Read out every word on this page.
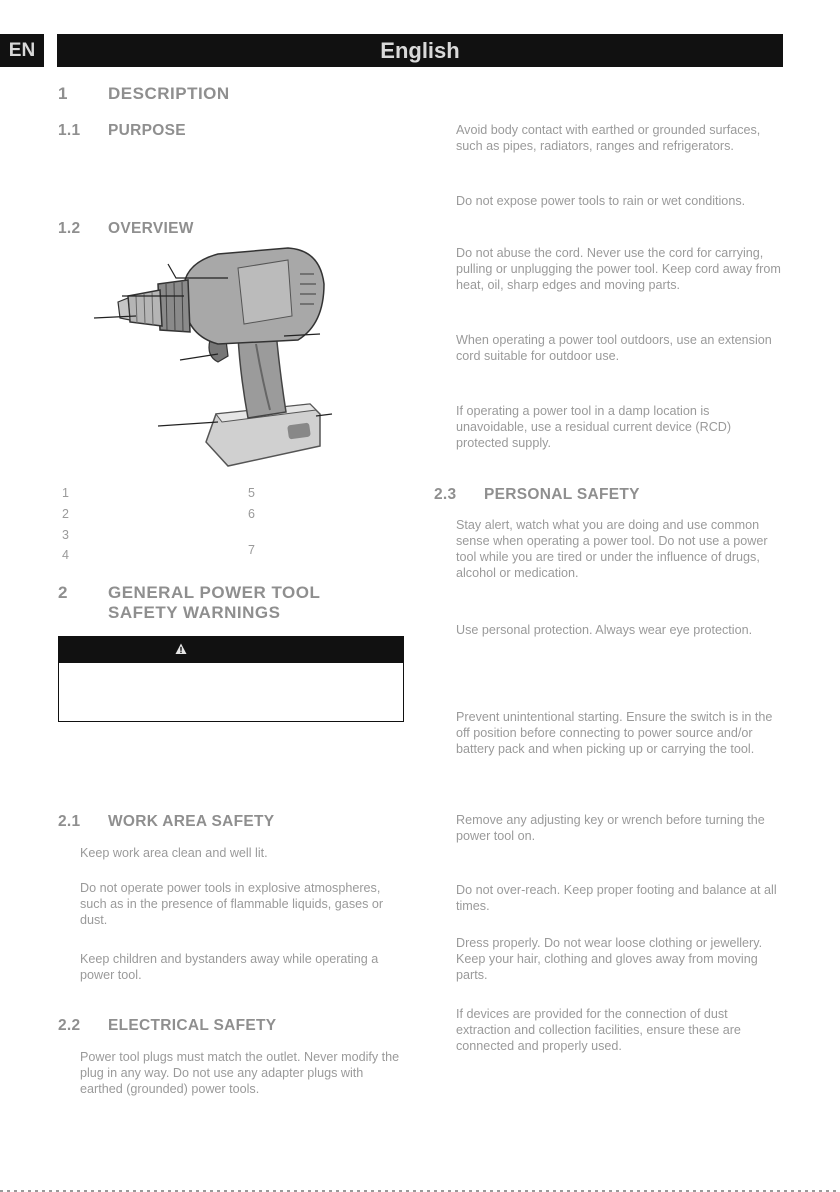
EN	English
1 DESCRIPTION
1.1 PURPOSE
1.2 OVERVIEW
1
2
3
4
5
6
7
2 GENERAL POWER TOOL
SAFETY WARNINGS
2.1 WORK AREA SAFETY
Keep work area clean and well lit.
Do not operate power tools in explosive atmospheres, such as in the presence of flammable liquids, gases or dust.
Keep children and bystanders away while operating a power tool.
2.2 ELECTRICAL SAFETY
Power tool plugs must match the outlet. Never modify the plug in any way. Do not use any adapter plugs with earthed (grounded) power tools.
Avoid body contact with earthed or grounded surfaces, such as pipes, radiators, ranges and refrigerators.
Do not expose power tools to rain or wet conditions.
Do not abuse the cord. Never use the cord for carrying, pulling or unplugging the power tool. Keep cord away from heat, oil, sharp edges and moving parts.
When operating a power tool outdoors, use an extension cord suitable for outdoor use.
If operating a power tool in a damp location is unavoidable, use a residual current device (RCD) protected supply.
2.3 PERSONAL SAFETY
Stay alert, watch what you are doing and use common sense when operating a power tool. Do not use a power tool while you are tired or under the influence of drugs, alcohol or medication.
Use personal protection. Always wear eye protection.
Prevent unintentional starting. Ensure the switch is in the off position before connecting to power source and/or battery pack and when picking up or carrying the tool.
Remove any adjusting key or wrench before turning the power tool on.
Do not over-reach. Keep proper footing and balance at all times.
Dress properly. Do not wear loose clothing or jewellery. Keep your hair, clothing and gloves away from moving parts.
If devices are provided for the connection of dust extraction and collection facilities, ensure these are connected and properly used.
